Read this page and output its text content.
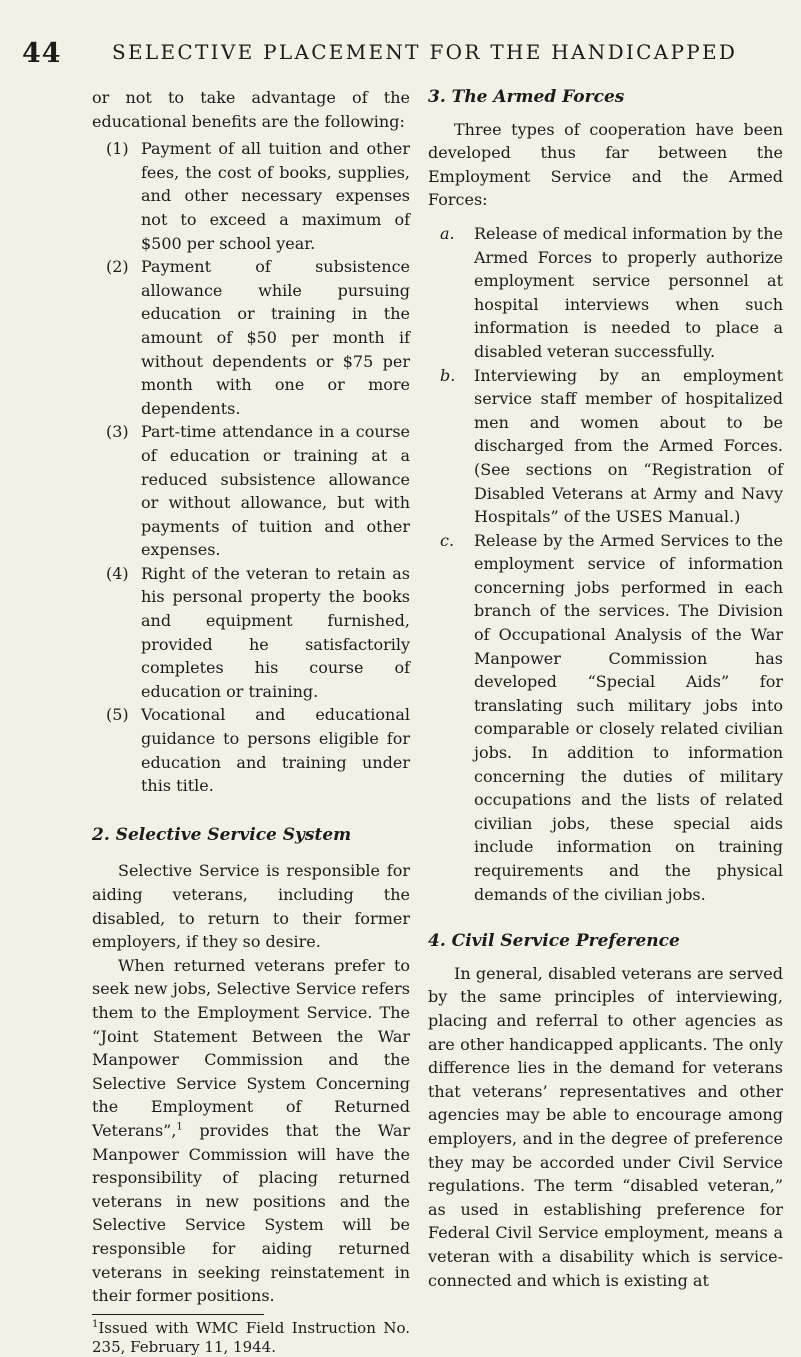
44	SELECTIVE PLACEMENT FOR THE HANDICAPPED

or not to take advantage of the educational benefits are the following:

(1) Payment of all tuition and other fees, the cost of books, supplies, and other necessary expenses not to exceed a maximum of $500 per school year.
(2) Payment of subsistence allowance while pursuing education or training in the amount of $50 per month if without dependents or $75 per month with one or more dependents.
(3) Part-time attendance in a course of education or training at a reduced subsistence allowance or without allowance, but with payments of tuition and other expenses.
(4) Right of the veteran to retain as his personal property the books and equipment furnished, provided he satisfactorily completes his course of education or training.
(5) Vocational and educational guidance to persons eligible for education and training under this title.
2. Selective Service System

Selective Service is responsible for aiding veterans, including the disabled, to return to their former employers, if they so desire.

When returned veterans prefer to seek new jobs, Selective Service refers them to the Employment Service. The “Joint Statement Between the War Manpower Commission and the Selective Service System Concerning the Employment of Returned Veterans”,$^1$ provides that the War Manpower Commission will have the responsibility of placing returned veterans in new positions and the Selective Service System will be responsible for aiding returned veterans in seeking reinstatement in their former positions.

$^1$Issued with WMC Field Instruction No. 235, February 11, 1944.

3. The Armed Forces

Three types of cooperation have been developed thus far between the Employment Service and the Armed Forces:

a.	Release of medical information by the Armed Forces to properly authorize employment service personnel at hospital interviews when such information is needed to place a disabled veteran successfully.
b.	Interviewing by an employment service staff member of hospitalized men and women about to be discharged from the Armed Forces. (See sections on “Registration of Disabled Veterans at Army and Navy Hospitals” of the USES Manual.)
c.	Release by the Armed Services to the employment service of information concerning jobs performed in each branch of the services. The Division of Occupational Analysis of the War Manpower Commission has developed “Special Aids” for translating such military jobs into comparable or closely related civilian jobs. In addition to information concerning the duties of military occupations and the lists of related civilian jobs, these special aids include information on training requirements and the physical demands of the civilian jobs.
4. Civil Service Preference

In general, disabled veterans are served by the same principles of interviewing, placing and referral to other agencies as are other handicapped applicants. The only difference lies in the demand for veterans that veterans’ representatives and other agencies may be able to encourage among employers, and in the degree of preference they may be accorded under Civil Service regulations. The term “disabled veteran,” as used in establishing preference for Federal Civil Service employment, means a veteran with a disability which is service-connected and which is existing at
